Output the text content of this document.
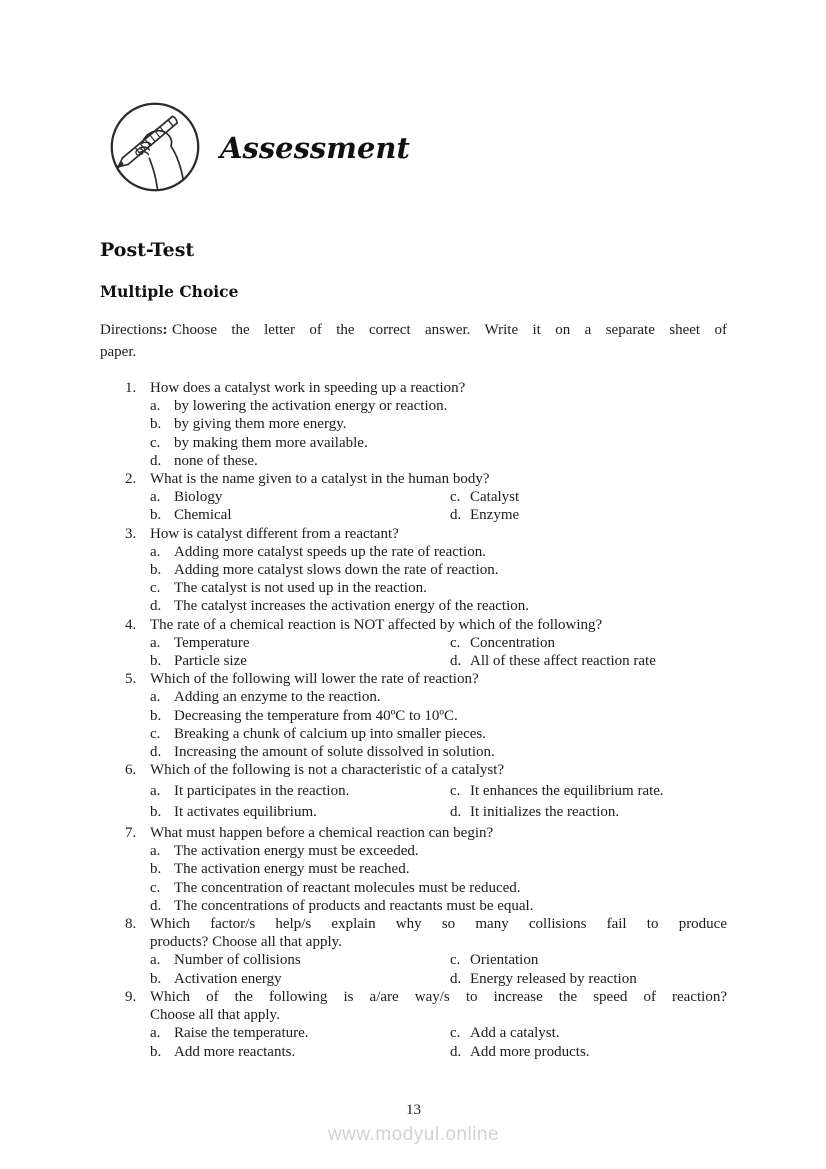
Assessment
Post-Test
Multiple Choice
Directions: Choose the letter of the correct answer. Write it on a separate sheet of
paper.
1. How does a catalyst work in speeding up a reaction?
a. by lowering the activation energy or reaction.
b. by giving them more energy.
c. by making them more available.
d. none of these.
2. What is the name given to a catalyst in the human body?
a. Biology
b. Chemical
c. Catalyst
d. Enzyme
3. How is catalyst different from a reactant?
a. Adding more catalyst speeds up the rate of reaction.
b. Adding more catalyst slows down the rate of reaction.
c. The catalyst is not used up in the reaction.
d. The catalyst increases the activation energy of the reaction.
4. The rate of a chemical reaction is NOT affected by which of the following?
a. Temperature
b. Particle size
c. Concentration
d. All of these affect reaction rate
5. Which of the following will lower the rate of reaction?
a. Adding an enzyme to the reaction.
b. Decreasing the temperature from 40ºC to 10ºC.
c. Breaking a chunk of calcium up into smaller pieces.
d. Increasing the amount of solute dissolved in solution.
6. Which of the following is not a characteristic of a catalyst?
a. It participates in the reaction.
b. It activates equilibrium.
c. It enhances the equilibrium rate.
d. It initializes the reaction.
7. What must happen before a chemical reaction can begin?
a. The activation energy must be exceeded.
b. The activation energy must be reached.
c. The concentration of reactant molecules must be reduced.
d. The concentrations of products and reactants must be equal.
8. Which factor/s help/s explain why so many collisions fail to produce
products? Choose all that apply.
a. Number of collisions
b. Activation energy
c. Orientation
d. Energy released by reaction
9. Which of the following is a/are way/s to increase the speed of reaction?
Choose all that apply.
a. Raise the temperature.
b. Add more reactants.
c. Add a catalyst.
d. Add more products.
13
www.modyul.online
